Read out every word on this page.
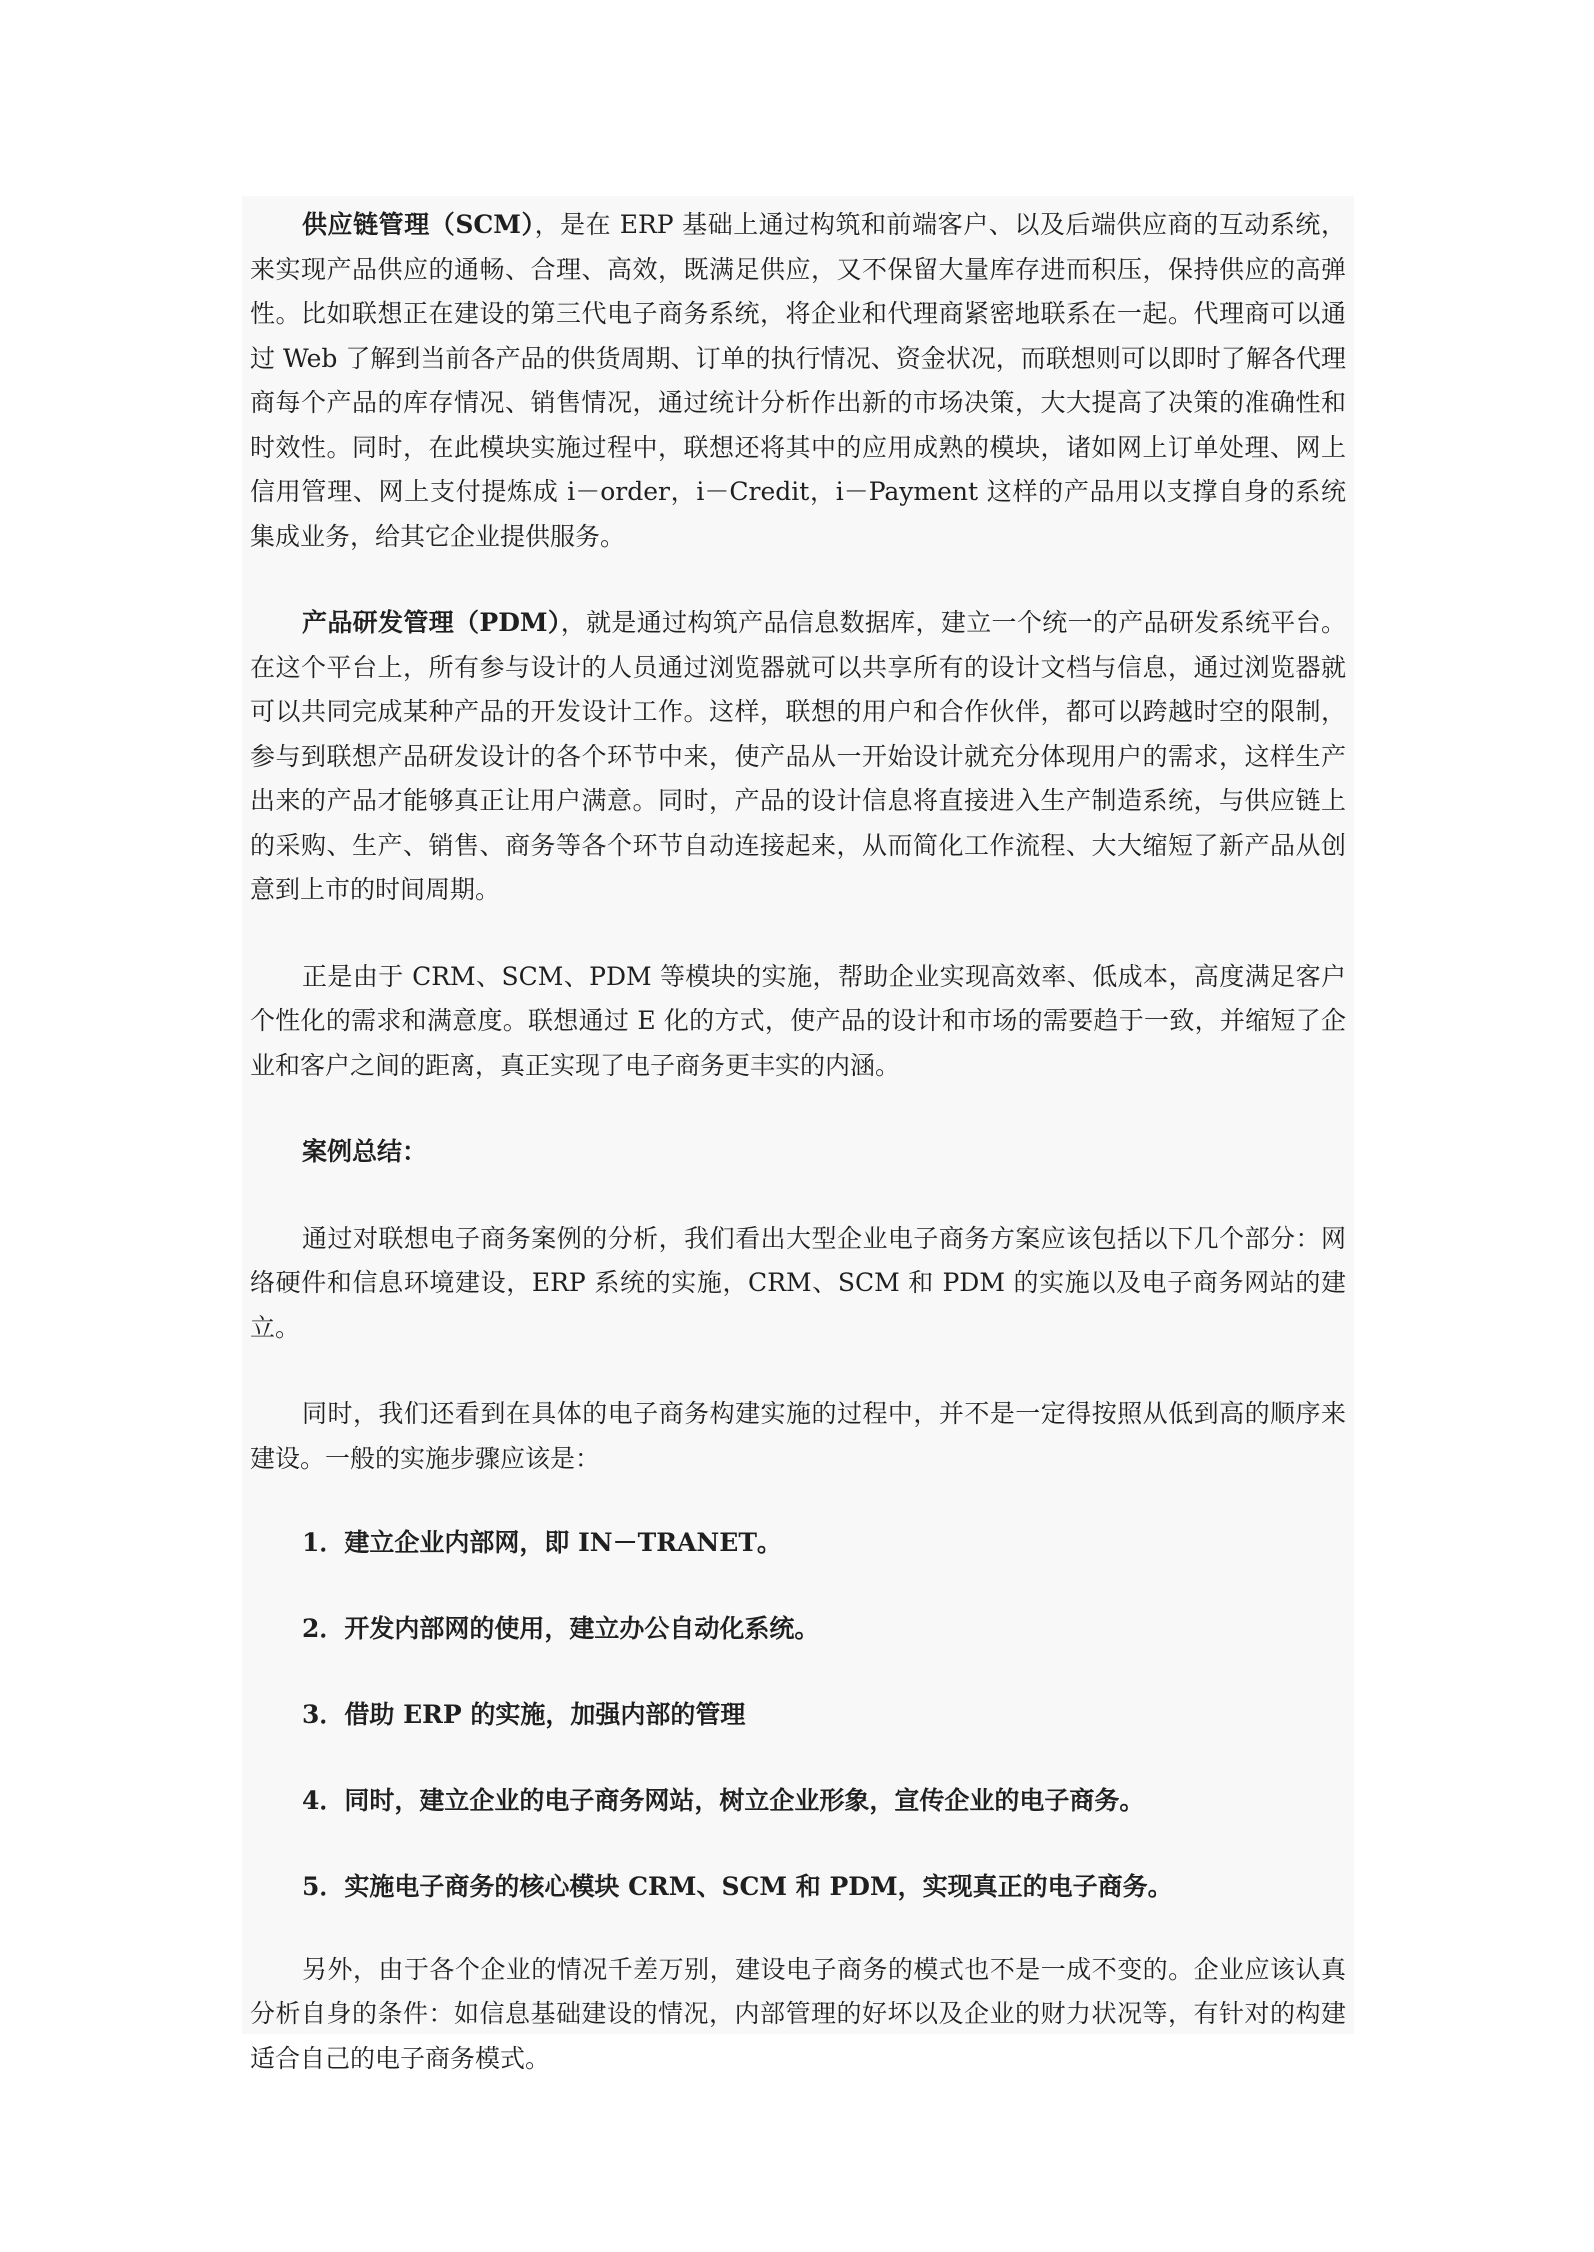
供应链管理（SCM），是在 ERP 基础上通过构筑和前端客户、以及后端供应商的互动系统，来实现产品供应的通畅、合理、高效，既满足供应，又不保留大量库存进而积压，保持供应的高弹性。比如联想正在建设的第三代电子商务系统，将企业和代理商紧密地联系在一起。代理商可以通过 Web 了解到当前各产品的供货周期、订单的执行情况、资金状况，而联想则可以即时了解各代理商每个产品的库存情况、销售情况，通过统计分析作出新的市场决策，大大提高了决策的准确性和时效性。同时，在此模块实施过程中，联想还将其中的应用成熟的模块，诸如网上订单处理、网上信用管理、网上支付提炼成 i－order，i－Credit，i－Payment 这样的产品用以支撑自身的系统集成业务，给其它企业提供服务。

产品研发管理（PDM），就是通过构筑产品信息数据库，建立一个统一的产品研发系统平台。在这个平台上，所有参与设计的人员通过浏览器就可以共享所有的设计文档与信息，通过浏览器就可以共同完成某种产品的开发设计工作。这样，联想的用户和合作伙伴，都可以跨越时空的限制，参与到联想产品研发设计的各个环节中来，使产品从一开始设计就充分体现用户的需求，这样生产出来的产品才能够真正让用户满意。同时，产品的设计信息将直接进入生产制造系统，与供应链上的采购、生产、销售、商务等各个环节自动连接起来，从而简化工作流程、大大缩短了新产品从创意到上市的时间周期。

正是由于 CRM、SCM、PDM 等模块的实施，帮助企业实现高效率、低成本，高度满足客户个性化的需求和满意度。联想通过 E 化的方式，使产品的设计和市场的需要趋于一致，并缩短了企业和客户之间的距离，真正实现了电子商务更丰实的内涵。

案例总结：

通过对联想电子商务案例的分析，我们看出大型企业电子商务方案应该包括以下几个部分：网络硬件和信息环境建设，ERP 系统的实施，CRM、SCM 和 PDM 的实施以及电子商务网站的建立。

同时，我们还看到在具体的电子商务构建实施的过程中，并不是一定得按照从低到高的顺序来建设。一般的实施步骤应该是：

1．建立企业内部网，即 IN－TRANET。

2．开发内部网的使用，建立办公自动化系统。

3．借助 ERP 的实施，加强内部的管理

4．同时，建立企业的电子商务网站，树立企业形象，宣传企业的电子商务。

5．实施电子商务的核心模块 CRM、SCM 和 PDM，实现真正的电子商务。

另外，由于各个企业的情况千差万别，建设电子商务的模式也不是一成不变的。企业应该认真分析自身的条件：如信息基础建设的情况，内部管理的好坏以及企业的财力状况等，有针对的构建适合自己的电子商务模式。
